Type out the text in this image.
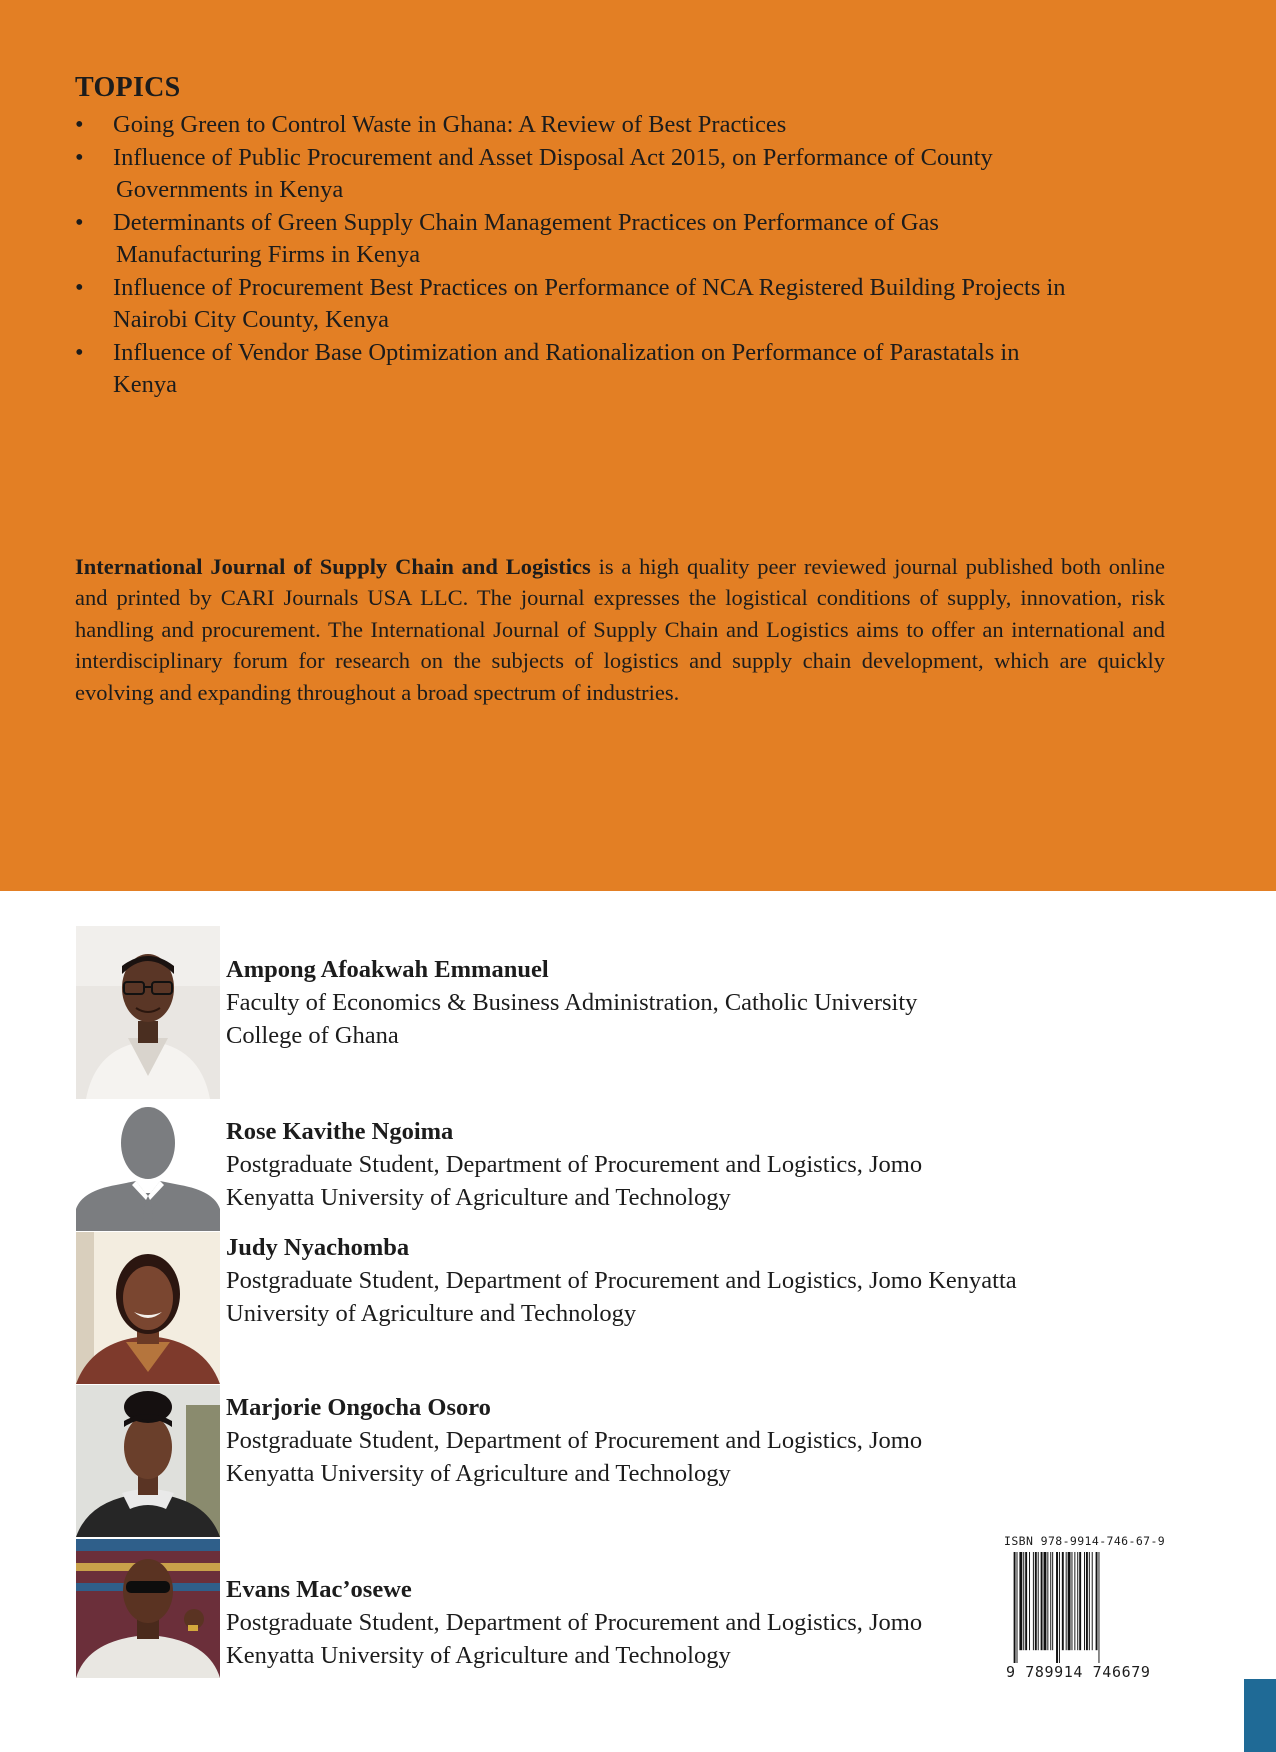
TOPICS
• Going Green to Control Waste in Ghana: A Review of Best Practices
• Influence of Public Procurement and Asset Disposal Act 2015, on Performance of County
Governments in Kenya
• Determinants of Green Supply Chain Management Practices on Performance of Gas
Manufacturing Firms in Kenya
• Influence of Procurement Best Practices on Performance of NCA Registered Building Projects in
Nairobi City County, Kenya
• Influence of Vendor Base Optimization and Rationalization on Performance of Parastatals in
Kenya
International Journal of Supply Chain and Logistics is a high quality peer reviewed journal published both online and printed by CARI Journals USA LLC. The journal expresses the logistical conditions of supply, innovation, risk handling and procurement. The International Journal of Supply Chain and Logistics aims to offer an international and interdisciplinary forum for research on the subjects of logistics and supply chain development, which are quickly evolving and expanding throughout a broad spectrum of industries.
Ampong Afoakwah Emmanuel
Faculty of Economics & Business Administration, Catholic University
College of Ghana
Rose Kavithe Ngoima
Postgraduate Student, Department of Procurement and Logistics, Jomo
Kenyatta University of Agriculture and Technology
Judy Nyachomba
Postgraduate Student, Department of Procurement and Logistics, Jomo Kenyatta
University of Agriculture and Technology
Marjorie Ongocha Osoro
Postgraduate Student, Department of Procurement and Logistics, Jomo
Kenyatta University of Agriculture and Technology
Evans Mac’osewe
Postgraduate Student, Department of Procurement and Logistics, Jomo
Kenyatta University of Agriculture and Technology
ISBN 978-9914-746-67-9
9 789914 746679
